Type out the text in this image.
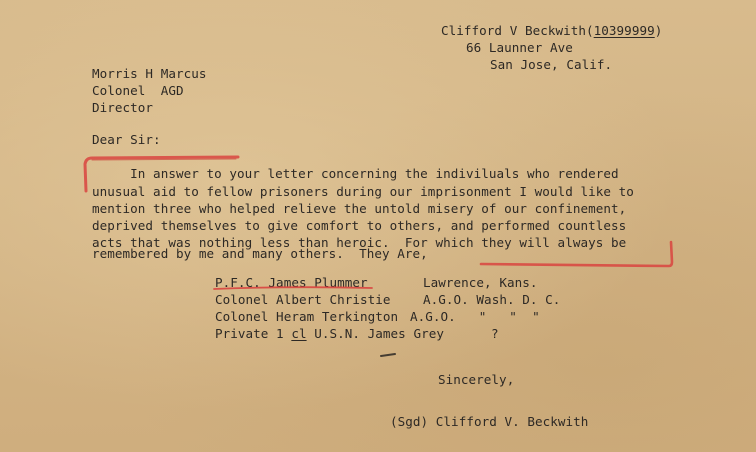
Clifford V Beckwith(10399999)
66 Launner Ave
San Jose, Calif.
Morris H Marcus
Colonel  AGD
Director
Dear Sir:
In answer to your letter concerning the indiviluals who rendered
unusual aid to fellow prisoners during our imprisonment I would like to
mention three who helped relieve the untold misery of our confinement,
deprived themselves to give comfort to others, and performed countless
acts that was nothing less than heroic.  For which they will always be
remembered by me and many others.  They Are,
P.F.C. James Plummer	Lawrence, Kans.
Colonel Albert Christie	A.G.O. Wash. D. C.
Colonel Heram Terkington A.G.O.   "   "  "
Private 1 cl U.S.N. James Grey	?
Sincerely,
(Sgd) Clifford V. Beckwith
